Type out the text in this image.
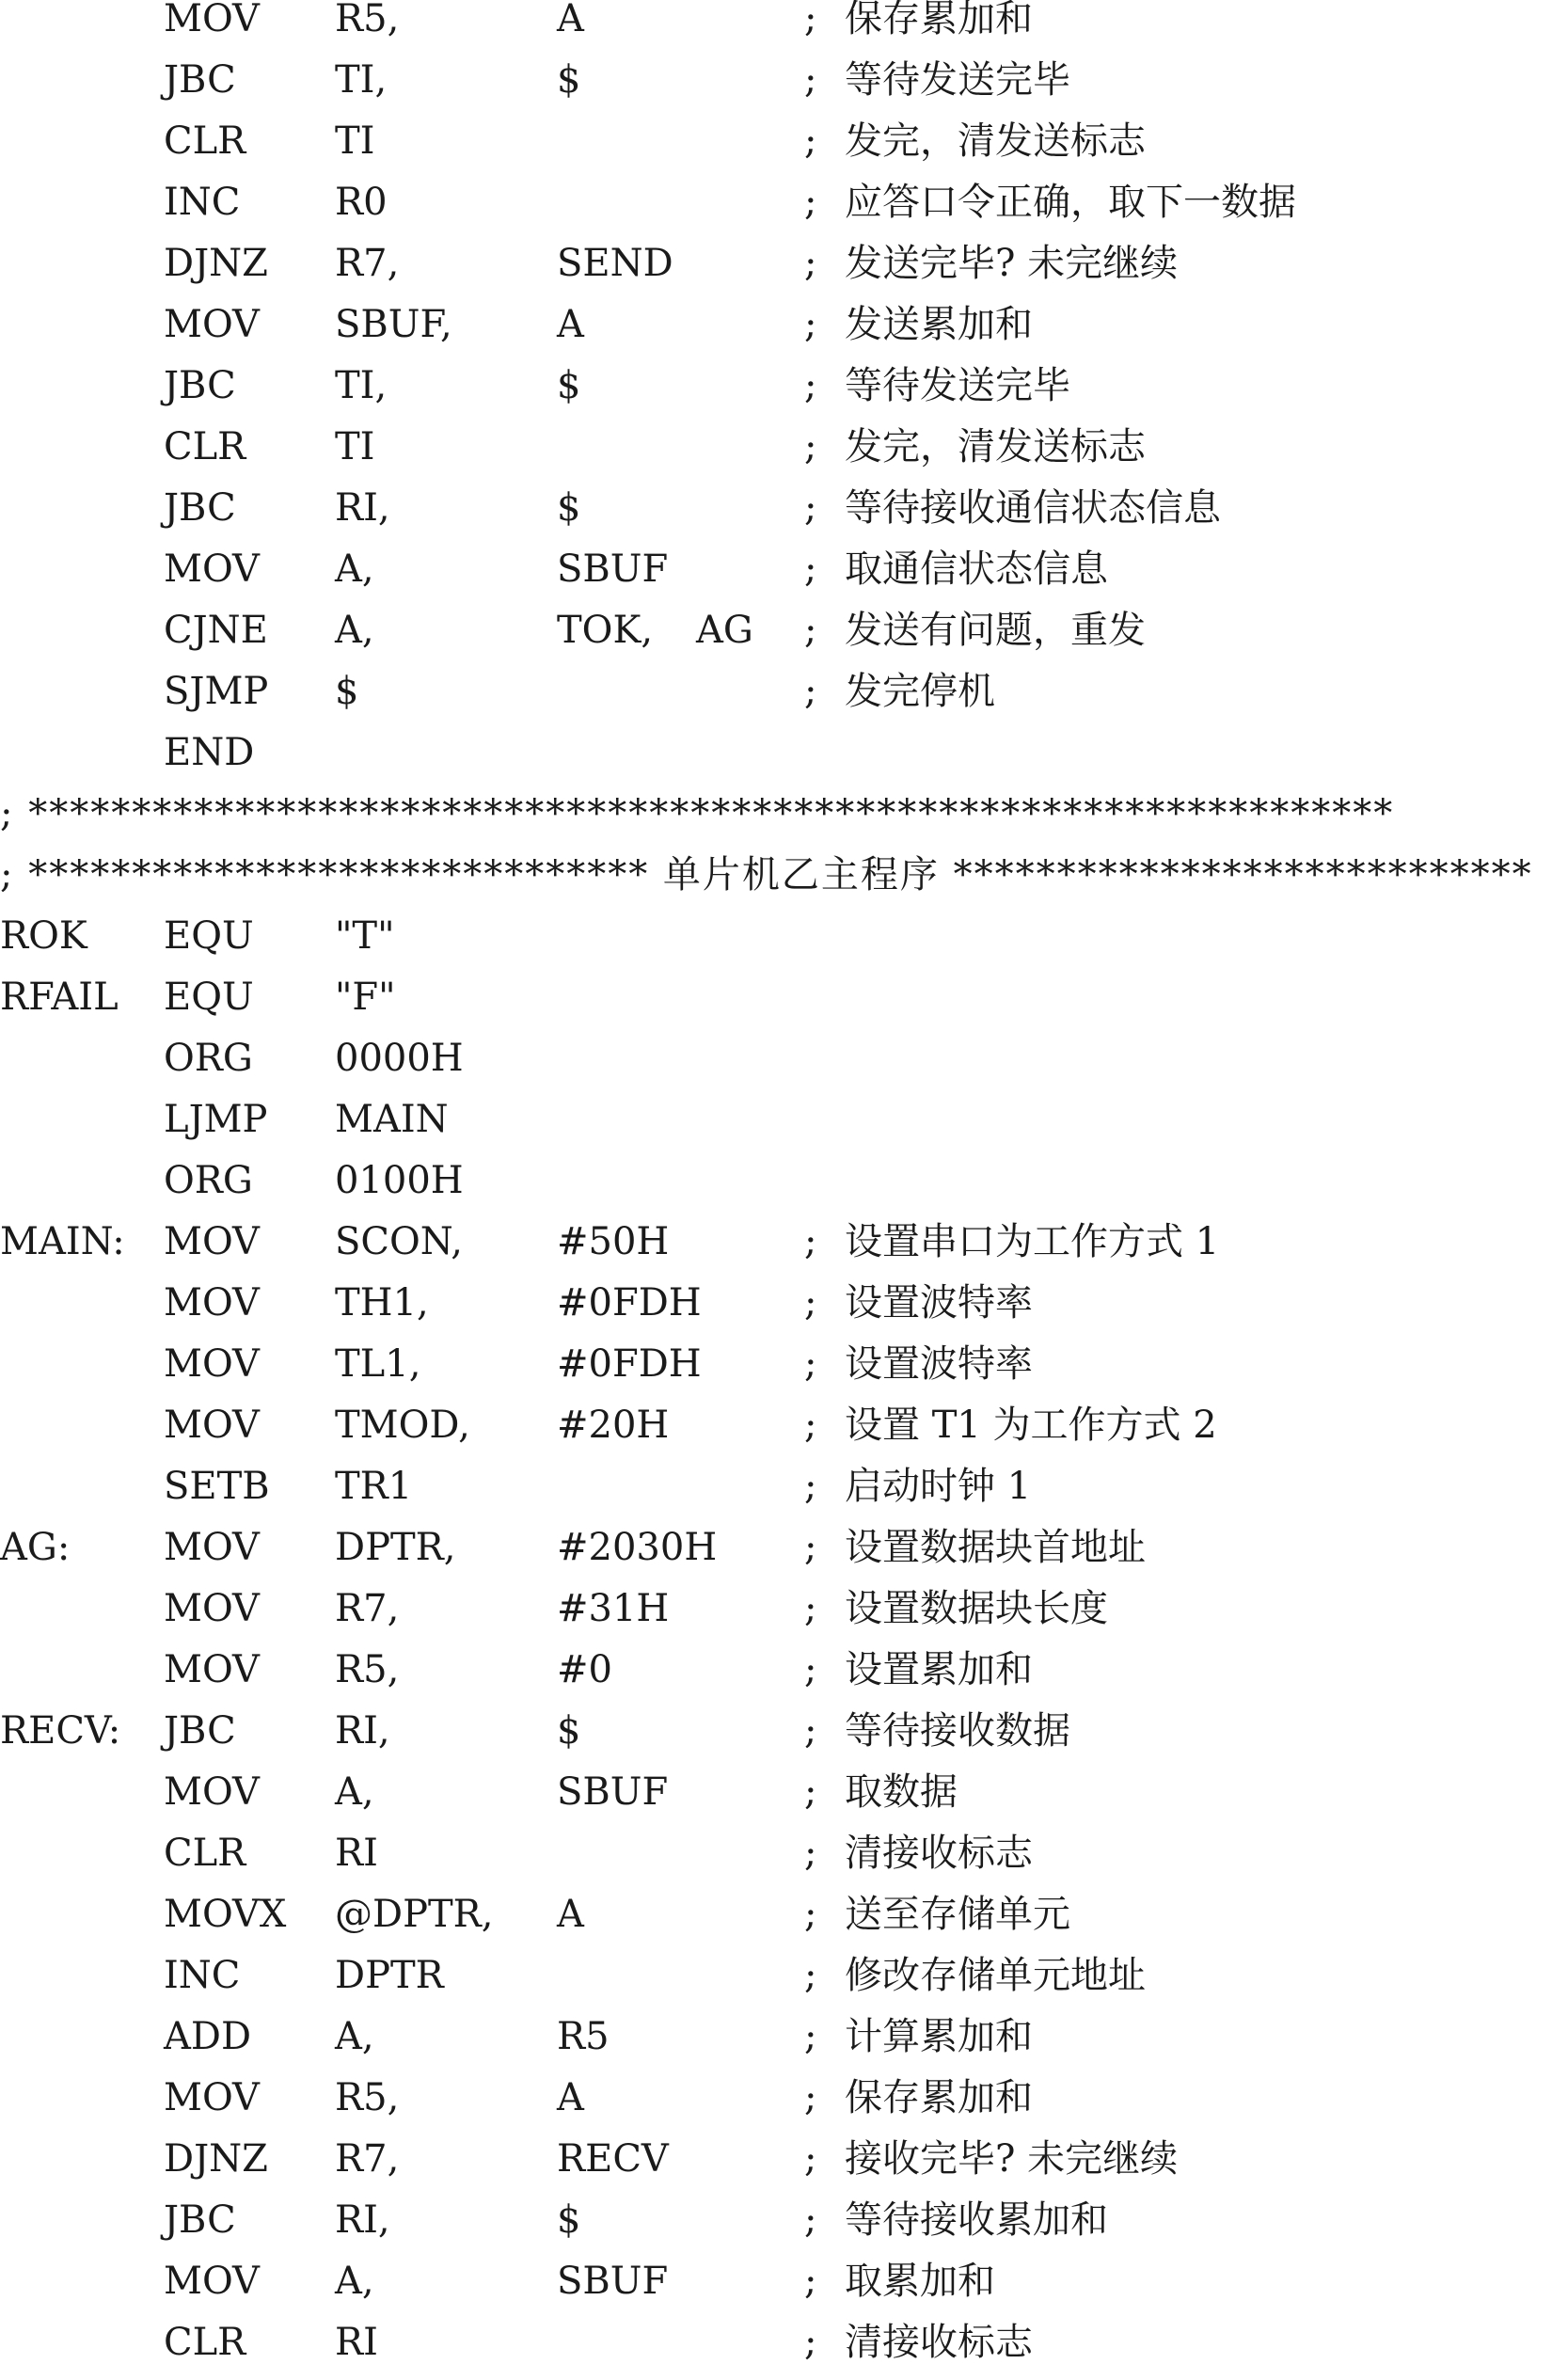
MOV R5,	A	; 保存累加和
JBC	TI,	$	; 等待发送完毕
CLR TI	; 发完，清发送标志
INC	R0	; 应答口令正确，取下一数据
DJNZ R7,	SEND	; 发送完毕? 未完继续
MOV SBUF,	A	; 发送累加和
JBC	TI,	$	; 等待发送完毕
CLR TI	; 发完，清发送标志
JBC	RI,	$	; 等待接收通信状态信息
MOV A,	SBUF	; 取通信状态信息
CJNE A,	TOK, AG ; 发送有问题，重发
SJMP $	; 发完停机
END
; ******************************************************************
; ****************************** 单片机乙主程序 ****************************
ROK EQU "T"
RFAIL EQU "F"
ORG 0000H
LJMP MAIN
ORG 0100H
MAIN: MOV SCON,	#50H	; 设置串口为工作方式 1
MOV TH1,	#0FDH	; 设置波特率
MOV TL1,	#0FDH	; 设置波特率
MOV TMOD, #20H	; 设置 T1 为工作方式 2
SETB TR1	; 启动时钟 1
AG: MOV DPTR,	#2030H ; 设置数据块首地址
MOV R7,	#31H	; 设置数据块长度
MOV R5,	#0	; 设置累加和
RECV: JBC	RI,	$	; 等待接收数据
MOV A,	SBUF	; 取数据
CLR RI	; 清接收标志
MOVX @DPTR, A	; 送至存储单元
INC	DPTR	; 修改存储单元地址
ADD A,	R5	; 计算累加和
MOV R5,	A	; 保存累加和
DJNZ R7,	RECV	; 接收完毕? 未完继续
JBC	RI,	$	; 等待接收累加和
MOV A,	SBUF	; 取累加和
CLR RI	; 清接收标志
